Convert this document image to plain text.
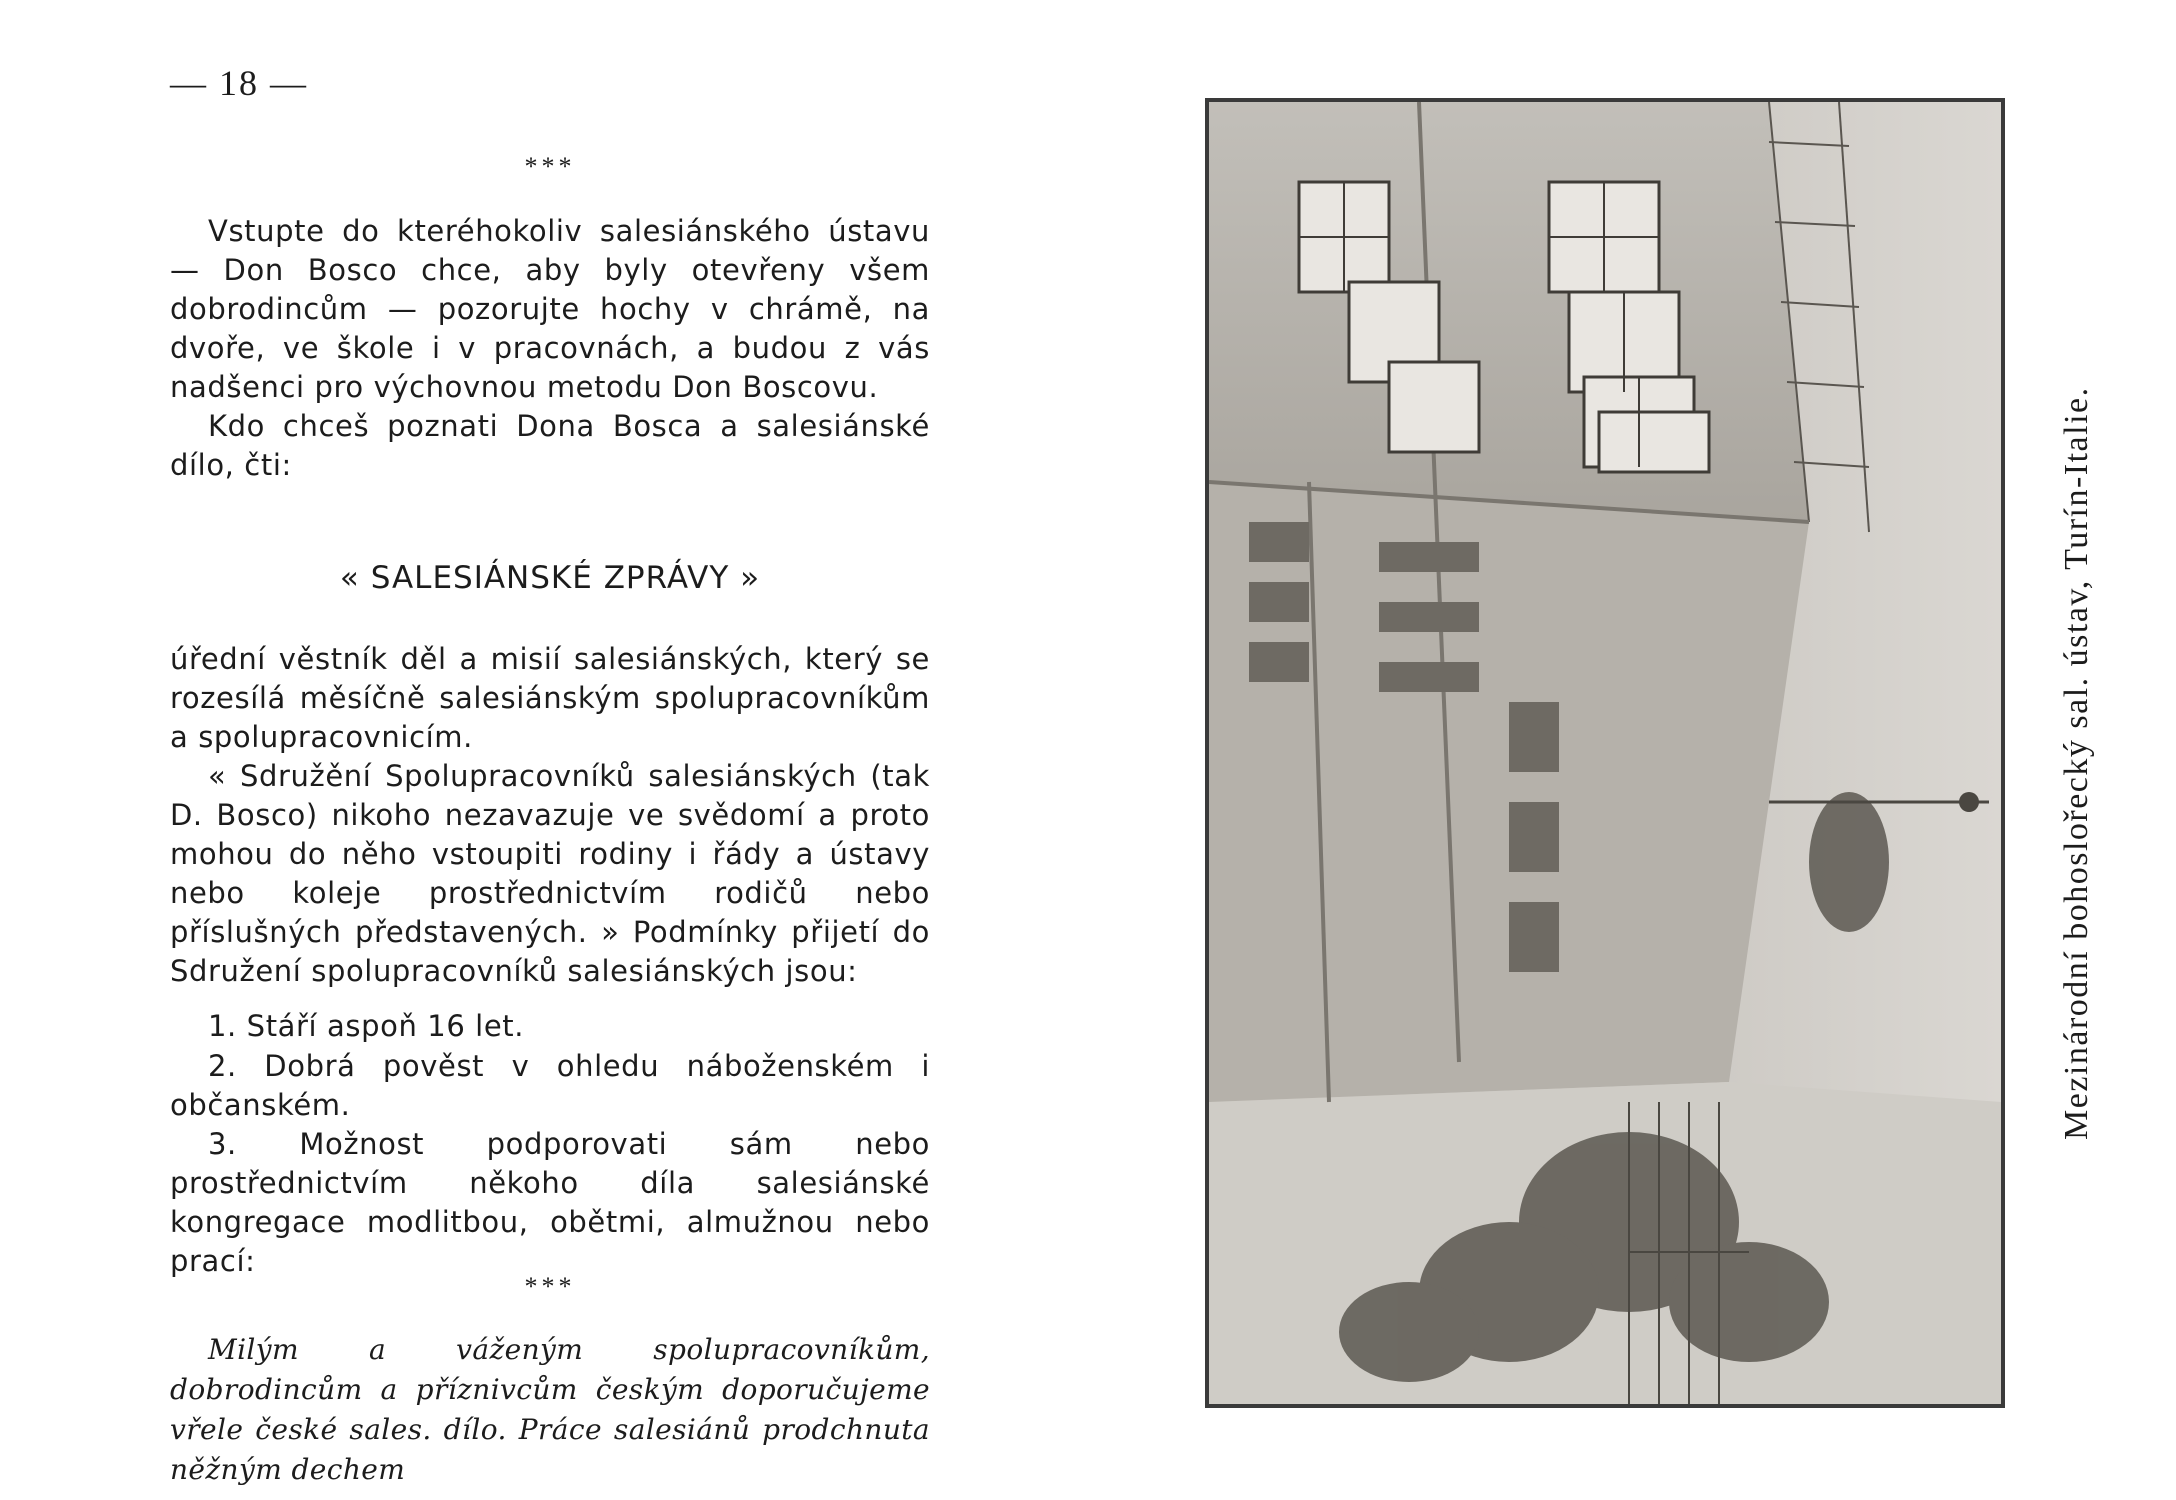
— 18 —
***

Vstupte do kteréhokoliv salesiánského ústavu — Don Bosco chce, aby byly otevřeny všem dobrodincům — pozorujte hochy v chrámě, na dvoře, ve škole i v pracovnách, a budou z vás nadšenci pro výchovnou metodu Don Boscovu.

Kdo chceš poznati Dona Bosca a salesiánské dílo, čti:

« SALESIÁNSKÉ ZPRÁVY »

úřední věstník děl a misií salesiánských, který se rozesílá měsíčně salesiánským spolupracovníkům a spolupracovnicím.

« Sdružění Spolupracovníků salesiánských (tak D. Bosco) nikoho nezavazuje ve svědomí a proto mohou do něho vstoupiti rodiny i řády a ústavy nebo koleje prostřednictvím rodičů nebo příslušných představených. » Podmínky přijetí do Sdružení spolupracovníků salesiánských jsou:

1. Stáří aspoň 16 let.
2. Dobrá pověst v ohledu náboženském i občanském.
3. Možnost podporovati sám nebo prostřednictvím někoho díla salesiánské kongregace modlitbou, obětmi, almužnou nebo prací:
***

Milým a váženým spolupracovníkům, dobrodincům a příznivcům českým doporučujeme vřele české sales. dílo. Práce salesiánů prodchnuta něžným dechem

Mezinárodní bohoslořecký sal. ústav, Turín-Italie.
